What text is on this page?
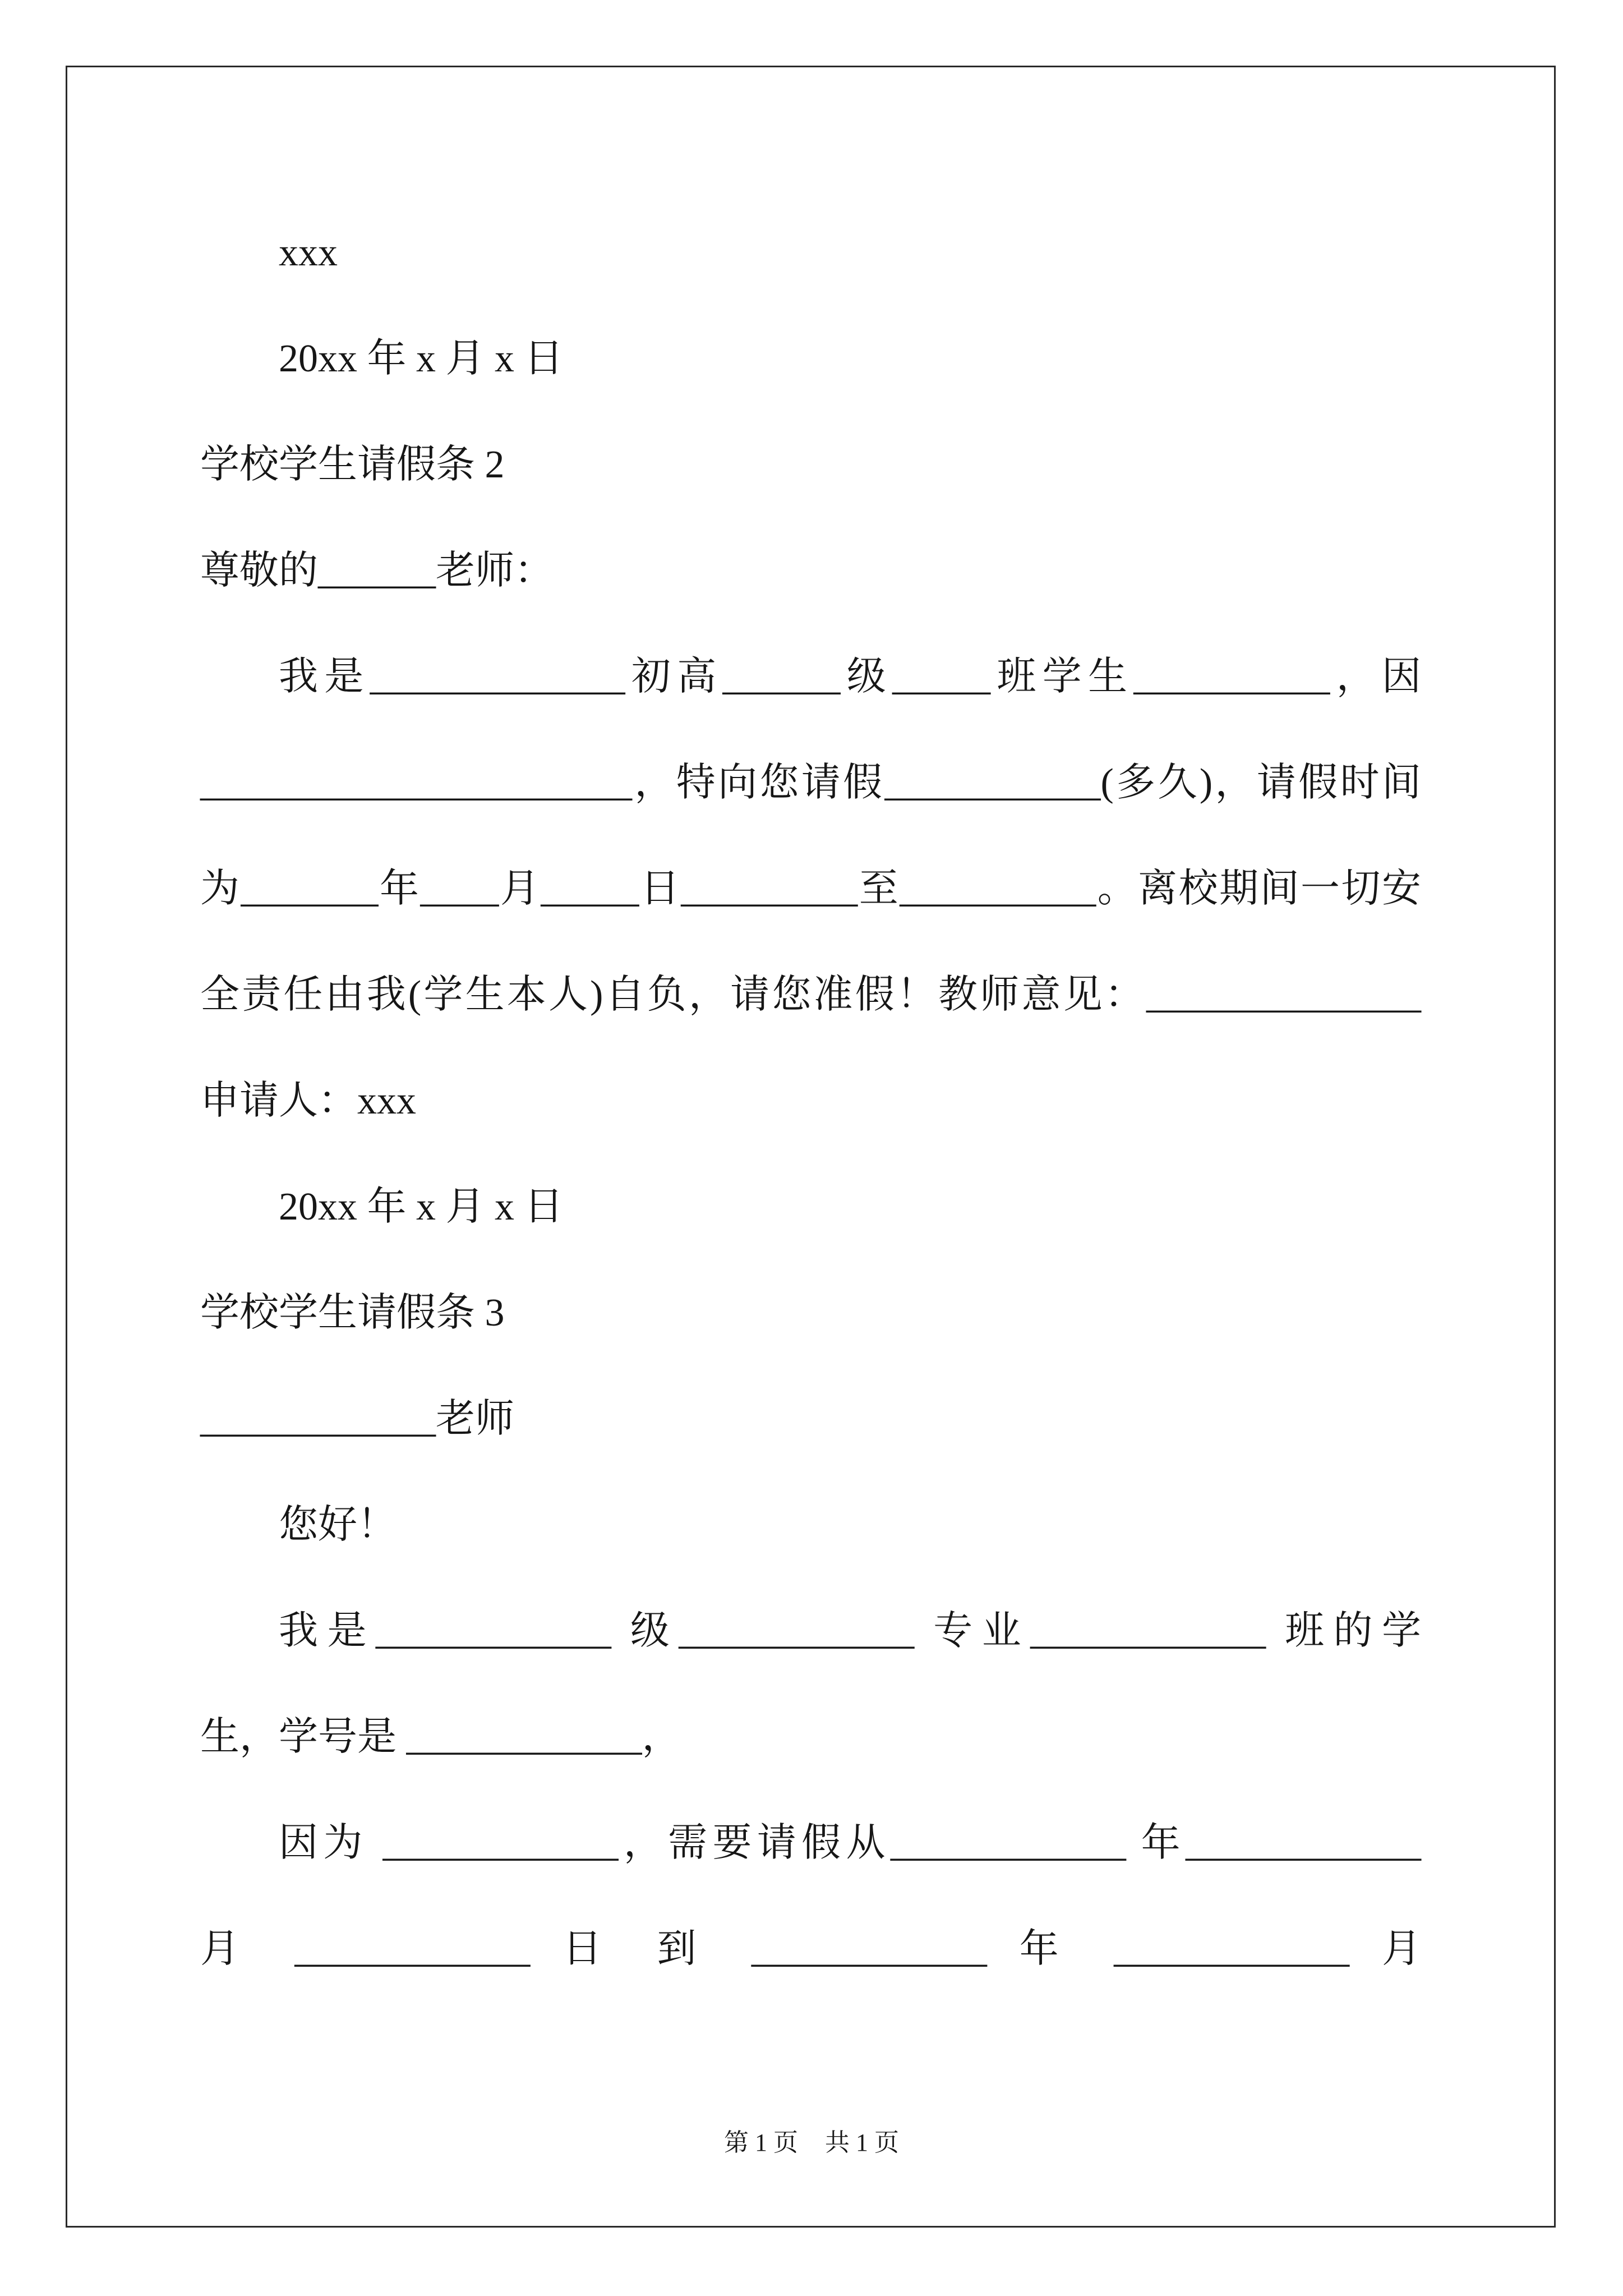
xxx
20xx 年 x 月 x 日
学校学生请假条 2
尊敬的______老师：
我是_____________初高______级_____班学生__________，因
______________________，特向您请假___________(多久)，请假时间
为_______年____月_____日_________至__________。离校期间一切安
全责任由我(学生本人)自负，请您准假！教师意见：______________
申请人：xxx
20xx 年 x 月 x 日
学校学生请假条 3
____________老师
您好！
我是____________ 级____________ 专业____________ 班的学
生，学号是 ____________，
因为 ____________，需要请假从____________ 年____________
月 ____________ 日 到 ____________ 年 ____________ 月
第 1 页 共 1 页
